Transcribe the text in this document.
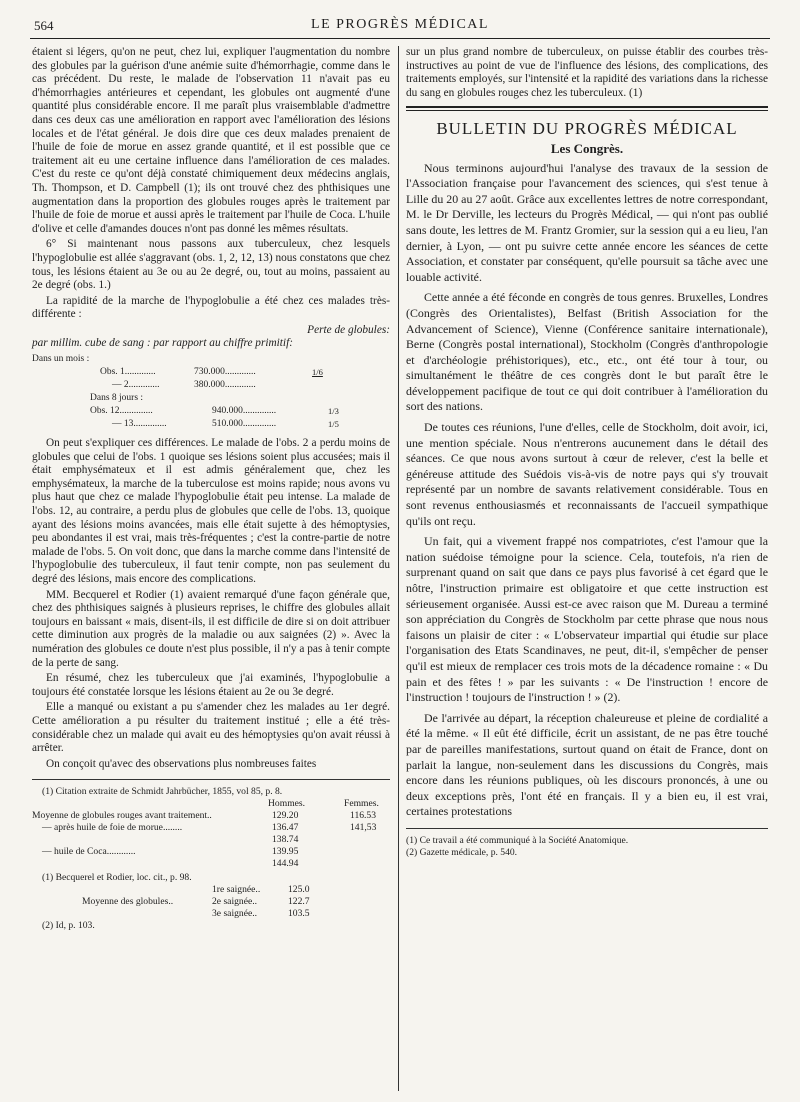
564	LE PROGRÈS MÉDICAL

étaient si légers, qu'on ne peut, chez lui, expliquer l'augmentation du nombre des globules par la guérison d'une anémie suite d'hémorrhagie, comme dans le cas précédent. Du reste, le malade de l'observation 11 n'avait pas eu d'hémorrhagies antérieures et cependant, les globules ont augmenté d'une quantité plus considérable encore. Il me paraît plus vraisemblable d'admettre dans ces deux cas une amélioration en rapport avec l'amélioration des lésions locales et de l'état général. Je dois dire que ces deux malades prenaient de l'huile de foie de morue en assez grande quantité, et il est possible que ce traitement ait eu une certaine influence dans l'amélioration de ces malades. C'est du reste ce qu'ont déjà constaté chimiquement deux médecins anglais, Th. Thompson, et D. Campbell (1); ils ont trouvé chez des phthisiques une augmentation dans la proportion des globules rouges après le traitement par l'huile de foie de morue et aussi après le traitement par l'huile de Coca. L'huile d'olive et celle d'amandes douces n'ont pas donné les mêmes résultats.

6° Si maintenant nous passons aux tuberculeux, chez lesquels l'hypoglobulie est allée s'aggravant (obs. 1, 2, 12, 13) nous constatons que chez tous, les lésions étaient au 3e ou au 2e degré, ou, tout au moins, passaient au 2e degré (obs. 1.)

La rapidité de la marche de l'hypoglobulie a été chez ces malades très-différente :

Perte de globules:
par millim. cube de sang : par rapport au chiffre primitif:
Dans un mois :
Obs. 1.............	730.000.............	1/6
— 2.............	380.000.............
Dans 8 jours :
Obs. 12..............	940.000..............	1/3
— 13..............	510.000..............	1/5

On peut s'expliquer ces différences. Le malade de l'obs. 2 a perdu moins de globules que celui de l'obs. 1 quoique ses lésions soient plus accusées; mais il était emphysémateux et il est admis généralement que, chez les emphysémateux, la marche de la tuberculose est moins rapide; nous avons vu plus haut que chez ce malade l'hypoglobulie était peu intense. La malade de l'obs. 12, au contraire, a perdu plus de globules que celle de l'obs. 13, quoique ayant des lésions moins avancées, mais elle était sujette à des hémoptysies, peu abondantes il est vrai, mais très-fréquentes ; c'est la contre-partie de notre malade de l'obs. 5. On voit donc, que dans la marche comme dans l'intensité de l'hypoglobulie des tuberculeux, il faut tenir compte, non pas seulement du degré des lésions, mais encore des complications.

MM. Becquerel et Rodier (1) avaient remarqué d'une façon générale que, chez des phthisiques saignés à plusieurs reprises, le chiffre des globules allait toujours en baissant « mais, disent-ils, il est difficile de dire si on doit attribuer cette diminution aux progrès de la maladie ou aux saignées (2) ». Avec la numération des globules ce doute n'est plus possible, il n'y a pas à tenir compte de la perte de sang.

En résumé, chez les tuberculeux que j'ai examinés, l'hypoglobulie a toujours été constatée lorsque les lésions étaient au 2e ou 3e degré.

Elle a manqué ou existant a pu s'amender chez les malades au 1er degré. Cette amélioration a pu résulter du traitement institué ; elle a été très-considérable chez un malade qui avait eu des hémoptysies qu'on avait réussi à arrêter.

On conçoit qu'avec des observations plus nombreuses faites

(1) Citation extraite de Schmidt Jahrbücher, 1855, vol 85, p. 8.
Hommes.	Femmes.
Moyenne de globules rouges avant traitement..	129.20	116.53
— après huile de foie de morue........	136.47	141,53
138.74
— huile de Coca............	139.95
144.94
(1) Becquerel et Rodier, loc. cit., p. 98.
1re saignée..	125.0
Moyenne des globules..	2e saignée..	122.7
3e saignée..	103.5
(2) Id, p. 103.

sur un plus grand nombre de tuberculeux, on puisse établir des courbes très-instructives au point de vue de l'influence des lésions, des complications, des traitements employés, sur l'intensité et la rapidité des variations dans la richesse du sang en globules rouges chez les tuberculeux. (1)

BULLETIN DU PROGRÈS MÉDICAL
Les Congrès.

Nous terminons aujourd'hui l'analyse des travaux de la session de l'Association française pour l'avancement des sciences, qui s'est tenue à Lille du 20 au 27 août. Grâce aux excellentes lettres de notre correspondant, M. le Dr Derville, les lecteurs du Progrès Médical, — qui n'ont pas oublié sans doute, les lettres de M. Frantz Gromier, sur la session qui a eu lieu, l'an dernier, à Lyon, — ont pu suivre cette année encore les séances de cette Association, et constater par conséquent, qu'elle poursuit sa tâche avec une louable activité.

Cette année a été féconde en congrès de tous genres. Bruxelles, Londres (Congrès des Orientalistes), Belfast (British Association for the Advancement of Science), Vienne (Conférence sanitaire internationale), Berne (Congrès postal international), Stockholm (Congrès d'anthropologie et d'archéologie préhistoriques), etc., etc., ont été tour à tour, ou simultanément le théâtre de ces congrès dont le but paraît être le développement pacifique de tout ce qui doit contribuer à l'amélioration du sort des nations.

De toutes ces réunions, l'une d'elles, celle de Stockholm, doit avoir, ici, une mention spéciale. Nous n'entrerons aucunement dans le détail des séances. Ce que nous avons surtout à cœur de relever, c'est la belle et généreuse attitude des Suédois vis-à-vis de notre pays qui s'y trouvait représenté par un nombre de savants relativement considérable. Tous en sont revenus enthousiasmés et reconnaissants de l'accueil sympathique qu'ils ont reçu.

Un fait, qui a vivement frappé nos compatriotes, c'est l'amour que la nation suédoise témoigne pour la science. Cela, toutefois, n'a rien de surprenant quand on sait que dans ce pays plus favorisé à cet égard que le nôtre, l'instruction primaire est obligatoire et que cette instruction est sérieusement organisée. Aussi est-ce avec raison que M. Dureau a terminé son appréciation du Congrès de Stockholm par cette phrase que nous nous faisons un plaisir de citer : « L'observateur impartial qui étudie sur place l'organisation des Etats Scandinaves, ne peut, dit-il, s'empêcher de penser qu'il est mieux de remplacer ces trois mots de la décadence romaine : « Du pain et des fêtes ! » par les suivants : « De l'instruction ! encore de l'instruction ! toujours de l'instruction ! » (2).

De l'arrivée au départ, la réception chaleureuse et pleine de cordialité a été la même. « Il eût été difficile, écrit un assistant, de ne pas être touché par de pareilles manifestations, surtout quand on était de France, dont on parlait la langue, non-seulement dans les discussions du Congrès, mais encore dans les réunions publiques, où les discours prononcés, à une ou deux exceptions près, l'ont été en français. Il y a bien eu, il est vrai, certaines protestations

(1) Ce travail a été communiqué à la Société Anatomique.
(2) Gazette médicale, p. 540.
